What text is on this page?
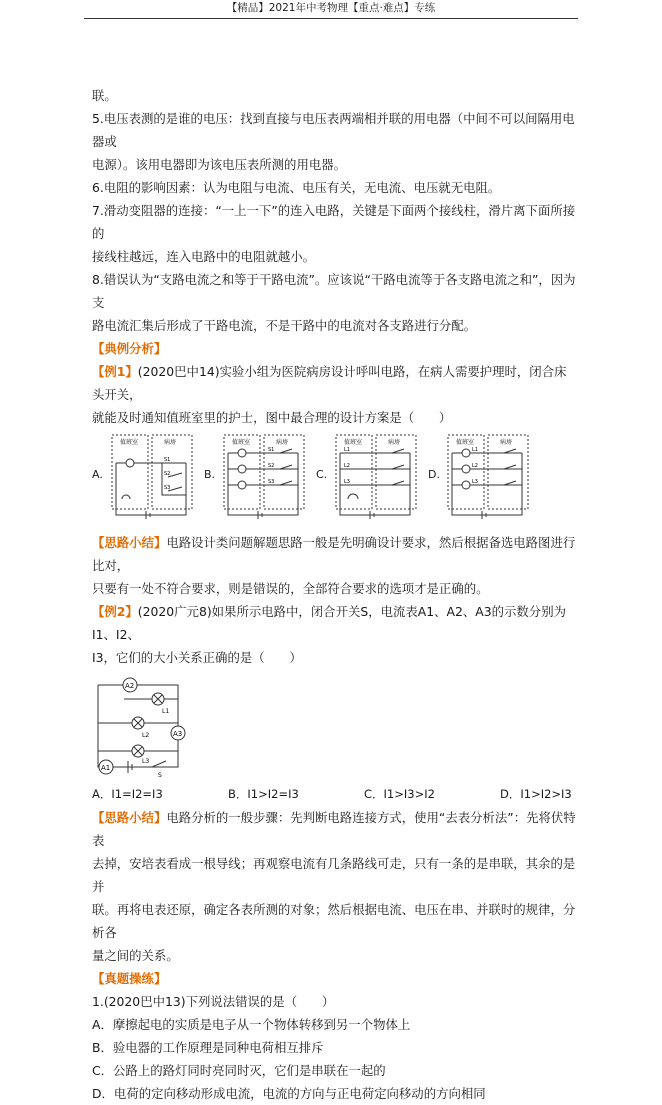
【精品】2021年中考物理【重点·难点】专练

联。

5.电压表测的是谁的电压：找到直接与电压表两端相并联的用电器（中间不可以间隔用电器或

电源）。该用电器即为该电压表所测的用电器。

6.电阻的影响因素：认为电阻与电流、电压有关，无电流、电压就无电阻。

7.滑动变阻器的连接：“一上一下”的连入电路，关键是下面两个接线柱，滑片离下面所接的

接线柱越远，连入电路中的电阻就越小。

8.错误认为“支路电流之和等于干路电流”。应该说“干路电流等于各支路电流之和”，因为支

路电流汇集后形成了干路电流，不是干路中的电流对各支路进行分配。

【典例分析】

【例1】(2020巴中14)实验小组为医院病房设计呼叫电路，在病人需要护理时，闭合床头开关，

就能及时通知值班室里的护士，图中最合理的设计方案是（　　）

A.
值班室	病房
S1
S2
S3
B.
值班室	病房
S1
S2
S3
C.
值班室	病房
L1
L2
L3
D.
值班室	病房
L1
L2
L3

【思路小结】电路设计类问题解题思路一般是先明确设计要求，然后根据备选电路图进行比对，

只要有一处不符合要求，则是错误的，全部符合要求的选项才是正确的。

【例2】(2020广元8)如果所示电路中，闭合开关S，电流表A1、A2、A3的示数分别为I1、I2、

I3，它们的大小关系正确的是（　　）

A2
L1
L2	A3
L3
A1
S
A．I1=I2=I3	B．I1>I2=I3	C．I1>I3>I2	D．I1>I2>I3

【思路小结】电路分析的一般步骤：先判断电路连接方式，使用“去表分析法”：先将伏特表

去掉，安培表看成一根导线；再观察电流有几条路线可走，只有一条的是串联，其余的是并

联。再将电表还原，确定各表所测的对象；然后根据电流、电压在串、并联时的规律，分析各

量之间的关系。

【真题操练】

1.(2020巴中13)下列说法错误的是（　　）

A．摩擦起电的实质是电子从一个物体转移到另一个物体上

B．验电器的工作原理是同种电荷相互排斥

C．公路上的路灯同时亮同时灭，它们是串联在一起的

D．电荷的定向移动形成电流，电流的方向与正电荷定向移动的方向相同
